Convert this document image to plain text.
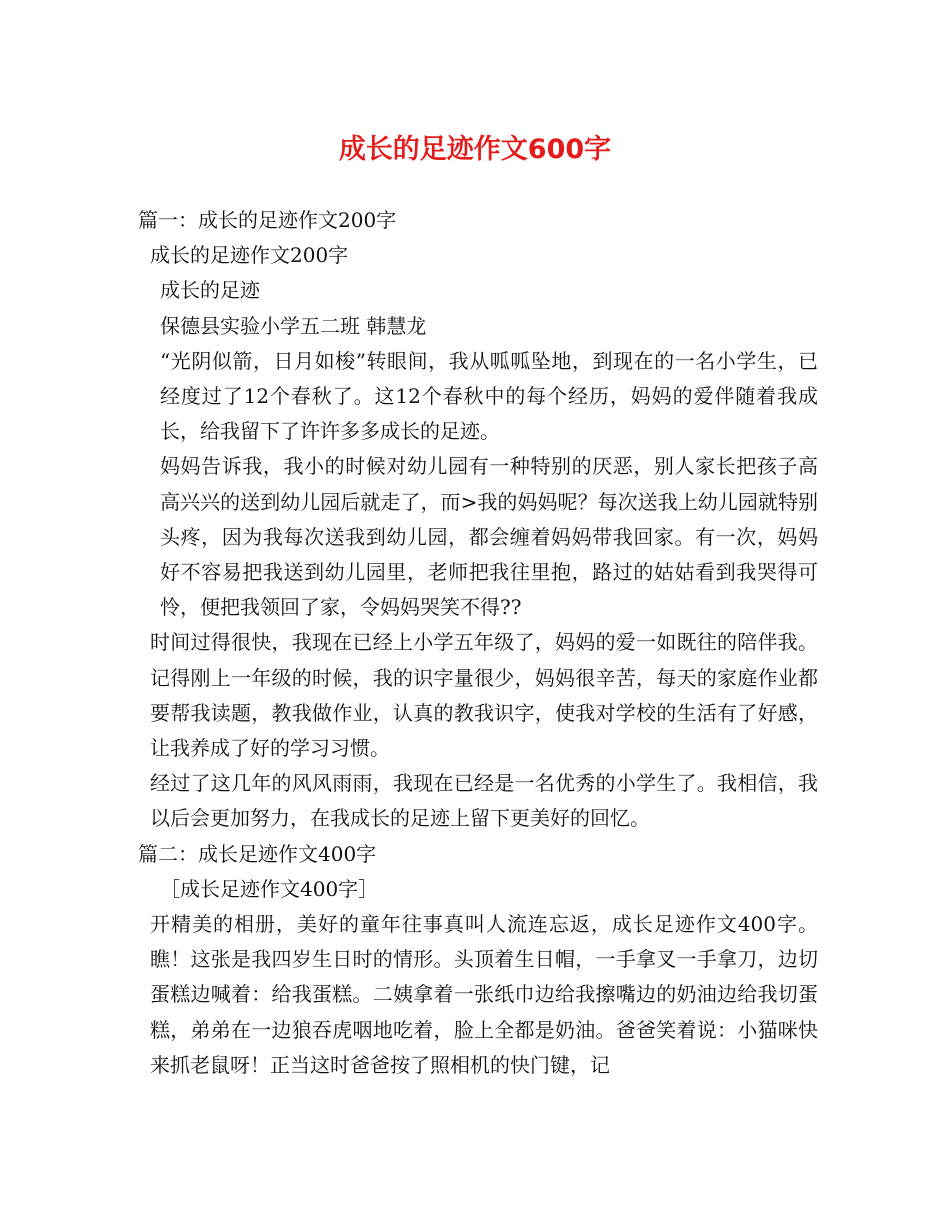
成长的足迹作文600字

篇一：成长的足迹作文200字

成长的足迹作文200字

成长的足迹

保德县实验小学五二班 韩慧龙

“光阴似箭，日月如梭”转眼间，我从呱呱坠地，到现在的一名小学生，已经度过了12个春秋了。这12个春秋中的每个经历，妈妈的爱伴随着我成长，给我留下了许许多多成长的足迹。

妈妈告诉我，我小的时候对幼儿园有一种特别的厌恶，别人家长把孩子高高兴兴的送到幼儿园后就走了，而>我的妈妈呢？每次送我上幼儿园就特别头疼，因为我每次送我到幼儿园，都会缠着妈妈带我回家。有一次，妈妈好不容易把我送到幼儿园里，老师把我往里抱，路过的姑姑看到我哭得可怜，便把我领回了家，令妈妈哭笑不得??

时间过得很快，我现在已经上小学五年级了，妈妈的爱一如既往的陪伴我。记得刚上一年级的时候，我的识字量很少，妈妈很辛苦，每天的家庭作业都要帮我读题，教我做作业，认真的教我识字，使我对学校的生活有了好感，让我养成了好的学习习惯。

经过了这几年的风风雨雨，我现在已经是一名优秀的小学生了。我相信，我以后会更加努力，在我成长的足迹上留下更美好的回忆。

篇二：成长足迹作文400字

［成长足迹作文400字］

开精美的相册，美好的童年往事真叫人流连忘返，成长足迹作文400字。瞧！这张是我四岁生日时的情形。头顶着生日帽，一手拿叉一手拿刀，边切蛋糕边喊着：给我蛋糕。二姨拿着一张纸巾边给我擦嘴边的奶油边给我切蛋糕，弟弟在一边狼吞虎咽地吃着，脸上全都是奶油。爸爸笑着说：小猫咪快来抓老鼠呀！正当这时爸爸按了照相机的快门键，记
